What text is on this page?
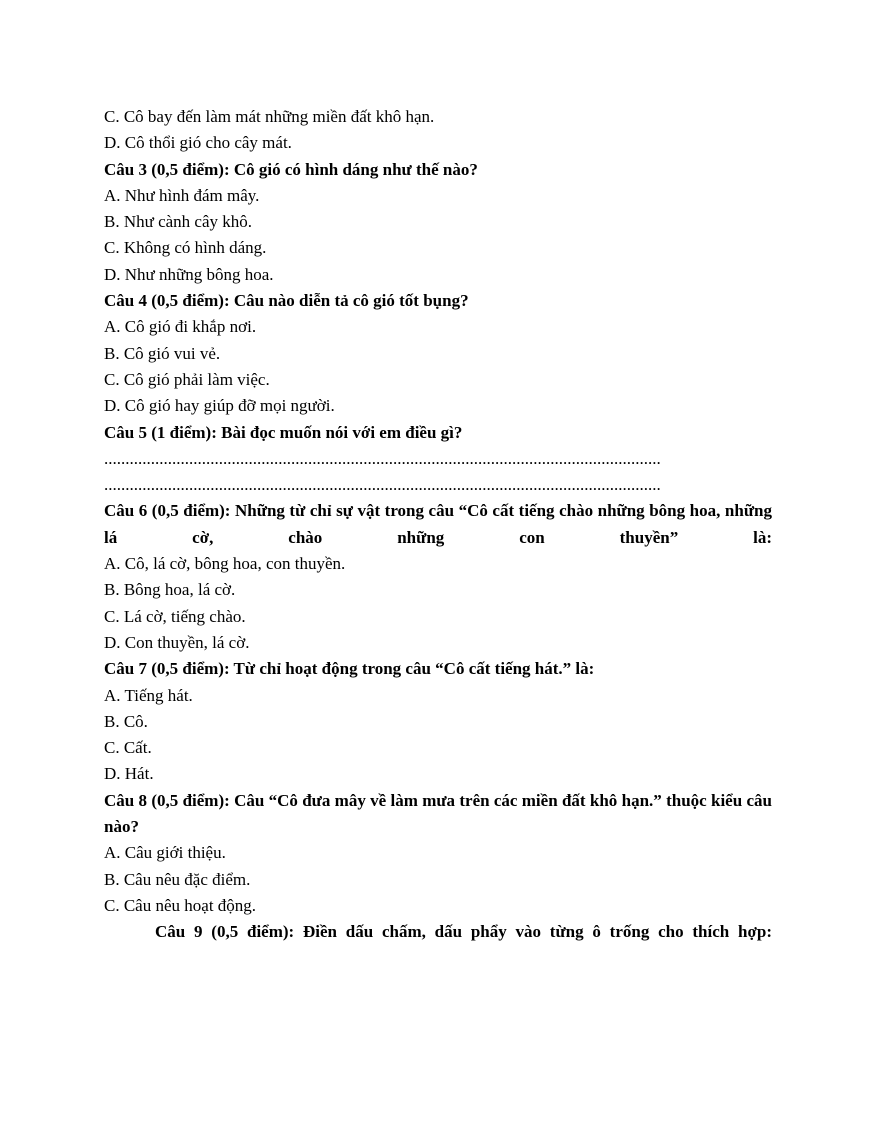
C. Cô bay đến làm mát những miền đất khô hạn.
D. Cô thổi gió cho cây mát.
Câu 3 (0,5 điểm): Cô gió có hình dáng như thế nào?
A. Như hình đám mây.
B. Như cành cây khô.
C. Không có hình dáng.
D. Như những bông hoa.
Câu 4 (0,5 điểm): Câu nào diễn tả cô gió tốt bụng?
A. Cô gió đi khắp nơi.
B. Cô gió vui vẻ.
C. Cô gió phải làm việc.
D. Cô gió hay giúp đỡ mọi người.
Câu 5 (1 điểm): Bài đọc muốn nói với em điều gì?
...................................................................................................................................
...................................................................................................................................
Câu 6 (0,5 điểm): Những từ chỉ sự vật trong câu “Cô cất tiếng chào những bông hoa, những lá cờ, chào những con thuyền” là:
A. Cô, lá cờ, bông hoa, con thuyền.
B. Bông hoa, lá cờ.
C. Lá cờ, tiếng chào.
D. Con thuyền, lá cờ.
Câu 7 (0,5 điểm): Từ chỉ hoạt động trong câu “Cô cất tiếng hát.” là:
A. Tiếng hát.
B. Cô.
C. Cất.
D. Hát.
Câu 8 (0,5 điểm): Câu “Cô đưa mây về làm mưa trên các miền đất khô hạn.” thuộc kiểu câu nào?
A. Câu giới thiệu.
B. Câu nêu đặc điểm.
C. Câu nêu hoạt động.
Câu 9 (0,5 điểm): Điền dấu chấm, dấu phẩy vào từng ô trống cho thích hợp:
